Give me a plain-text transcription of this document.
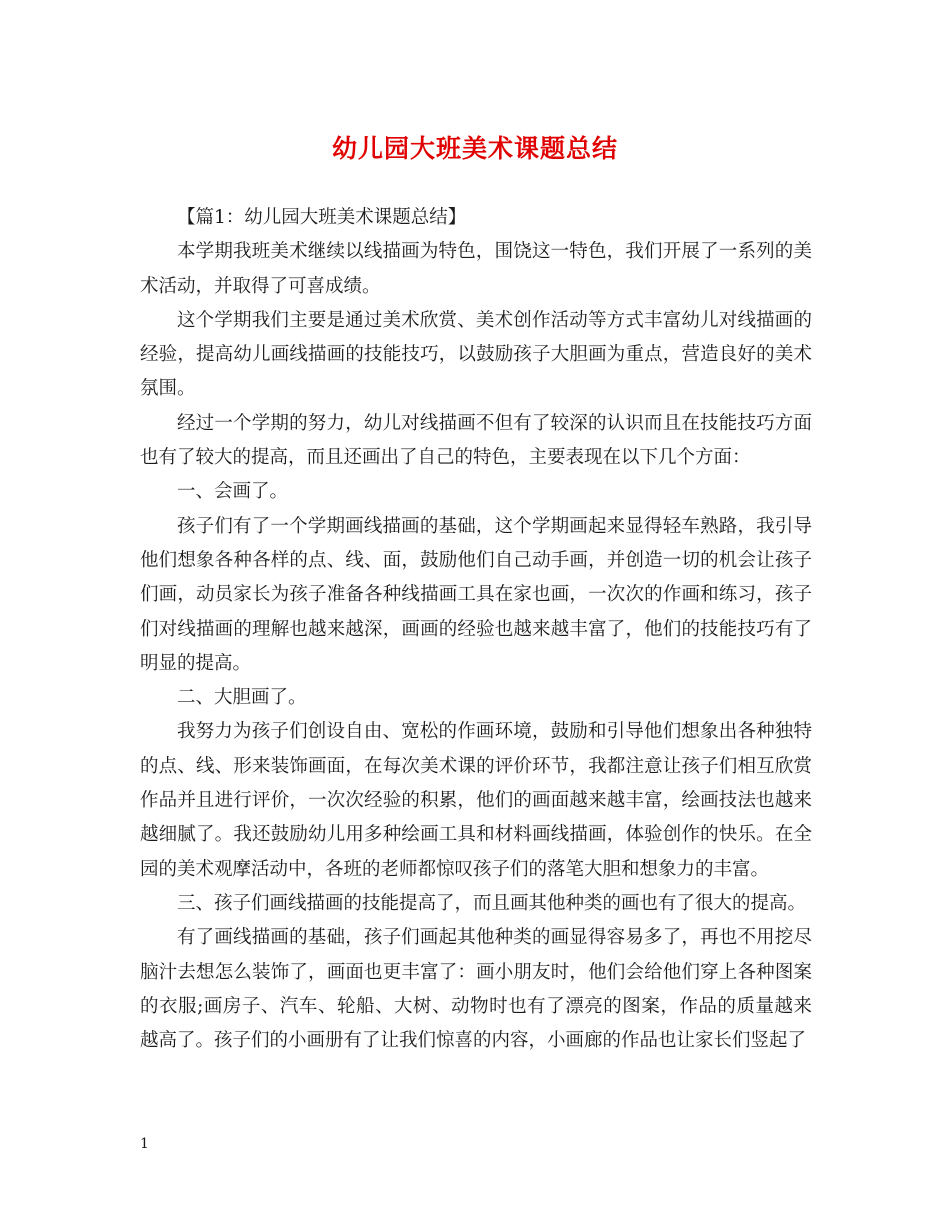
幼儿园大班美术课题总结

【篇1：幼儿园大班美术课题总结】

本学期我班美术继续以线描画为特色，围饶这一特色，我们开展了一系列的美术活动，并取得了可喜成绩。

这个学期我们主要是通过美术欣赏、美术创作活动等方式丰富幼儿对线描画的经验，提高幼儿画线描画的技能技巧，以鼓励孩子大胆画为重点，营造良好的美术氛围。

经过一个学期的努力，幼儿对线描画不但有了较深的认识而且在技能技巧方面也有了较大的提高，而且还画出了自己的特色，主要表现在以下几个方面：

一、会画了。

孩子们有了一个学期画线描画的基础，这个学期画起来显得轻车熟路，我引导他们想象各种各样的点、线、面，鼓励他们自己动手画，并创造一切的机会让孩子们画，动员家长为孩子准备各种线描画工具在家也画，一次次的作画和练习，孩子们对线描画的理解也越来越深，画画的经验也越来越丰富了，他们的技能技巧有了明显的提高。

二、大胆画了。

我努力为孩子们创设自由、宽松的作画环境，鼓励和引导他们想象出各种独特的点、线、形来装饰画面，在每次美术课的评价环节，我都注意让孩子们相互欣赏作品并且进行评价，一次次经验的积累，他们的画面越来越丰富，绘画技法也越来越细腻了。我还鼓励幼儿用多种绘画工具和材料画线描画，体验创作的快乐。在全园的美术观摩活动中，各班的老师都惊叹孩子们的落笔大胆和想象力的丰富。

三、孩子们画线描画的技能提高了，而且画其他种类的画也有了很大的提高。

有了画线描画的基础，孩子们画起其他种类的画显得容易多了，再也不用挖尽脑汁去想怎么装饰了，画面也更丰富了：画小朋友时，他们会给他们穿上各种图案的衣服;画房子、汽车、轮船、大树、动物时也有了漂亮的图案，作品的质量越来越高了。孩子们的小画册有了让我们惊喜的内容，小画廊的作品也让家长们竖起了

1
